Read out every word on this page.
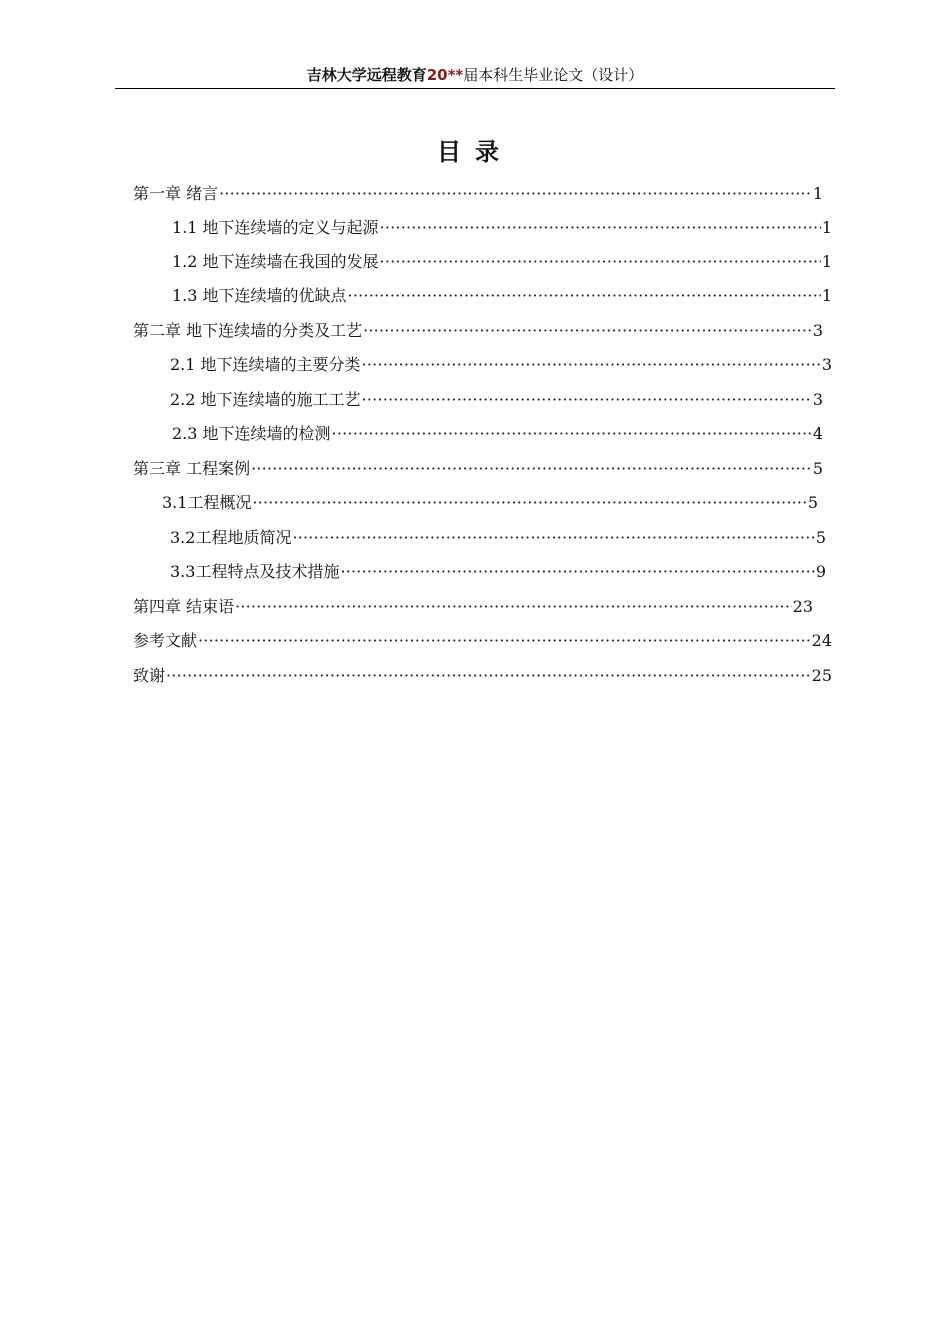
吉林大学远程教育20**届本科生毕业论文（设计）
目录
第一章 绪言 ·····	1
1.1 地下连续墙的定义与起源 ·····	1
1.2 地下连续墙在我国的发展 ·····	1
1.3 地下连续墙的优缺点 ·····	1
第二章 地下连续墙的分类及工艺 ·····	3
2.1 地下连续墙的主要分类 ·····	3
2.2 地下连续墙的施工工艺 ·····	3
2.3 地下连续墙的检测 ·····	4
第三章 工程案例 ·····	5
3.1工程概况 ·····	5
3.2工程地质简况 ·····	5
3.3工程特点及技术措施 ·····	9
第四章 结束语 ·····	23
参考文献 ·····	24
致谢 ·····	25
